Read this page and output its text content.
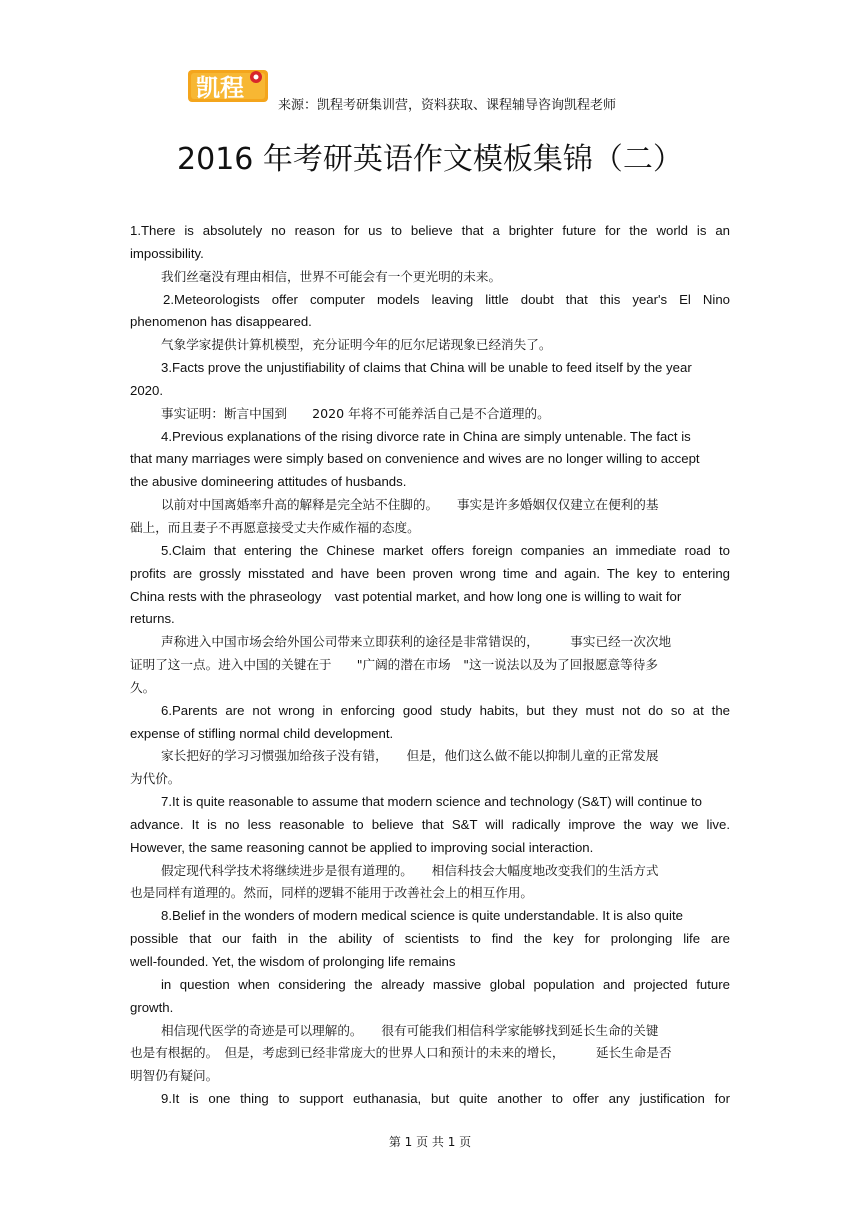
凯程
来源：凯程考研集训营，资料获取、课程辅导咨询凯程老师
2016 年考研英语作文模板集锦（二）
1.There is absolutely no reason for us to believe that a brighter future for the world is an
impossibility.
我们丝毫没有理由相信，世界不可能会有一个更光明的未来。
2.Meteorologists offer computer models leaving little doubt that this year's El Nino
phenomenon has disappeared.
气象学家提供计算机模型，充分证明今年的厄尔尼诺现象已经消失了。
3.Facts prove the unjustifiability of claims that China will be unable to feed itself by the year
2020.
事实证明：断言中国到　　2020 年将不可能养活自己是不合道理的。
4.Previous explanations of the rising divorce rate in China are simply untenable. The fact is
that many marriages were simply based on convenience and wives are no longer willing to accept
the abusive domineering attitudes of husbands.
以前对中国离婚率升高的解释是完全站不住脚的。　　事实是许多婚姻仅仅建立在便利的基
础上，而且妻子不再愿意接受丈夫作威作福的态度。
5.Claim that entering the Chinese market offers foreign companies an immediate road to
profits are grossly misstated and have been proven wrong time and again. The key to entering
China rests with the phraseology　vast potential market, and how long one is willing to wait for
returns.
声称进入中国市场会给外国公司带来立即获利的途径是非常错误的，　　　事实已经一次次地
证明了这一点。进入中国的关键在于　　"广阔的潜在市场　"这一说法以及为了回报愿意等待多
久。
6.Parents are not wrong in enforcing good study habits, but they must not do so at the
expense of stifling normal child development.
家长把好的学习习惯强加给孩子没有错，　　但是，他们这么做不能以抑制儿童的正常发展
为代价。
7.It is quite reasonable to assume that modern science and technology (S&T) will continue to
advance. It is no less reasonable to believe that S&T will radically improve the way we live.
However, the same reasoning cannot be applied to improving social interaction.
假定现代科学技术将继续进步是很有道理的。　　相信科技会大幅度地改变我们的生活方式
也是同样有道理的。然而，同样的逻辑不能用于改善社会上的相互作用。
8.Belief in the wonders of modern medical science is quite understandable. It is also quite
possible that our faith in the ability of scientists to find the key for prolonging life are
well-founded. Yet, the wisdom of prolonging life remains
in question when considering the already massive global population and projected future
growth.
相信现代医学的奇迹是可以理解的。　　很有可能我们相信科学家能够找到延长生命的关键
也是有根据的。　但是，考虑到已经非常庞大的世界人口和预计的未来的增长，　　　延长生命是否
明智仍有疑问。
9.It is one thing to support euthanasia, but quite another to offer any justification for
第 1 页 共 1 页
